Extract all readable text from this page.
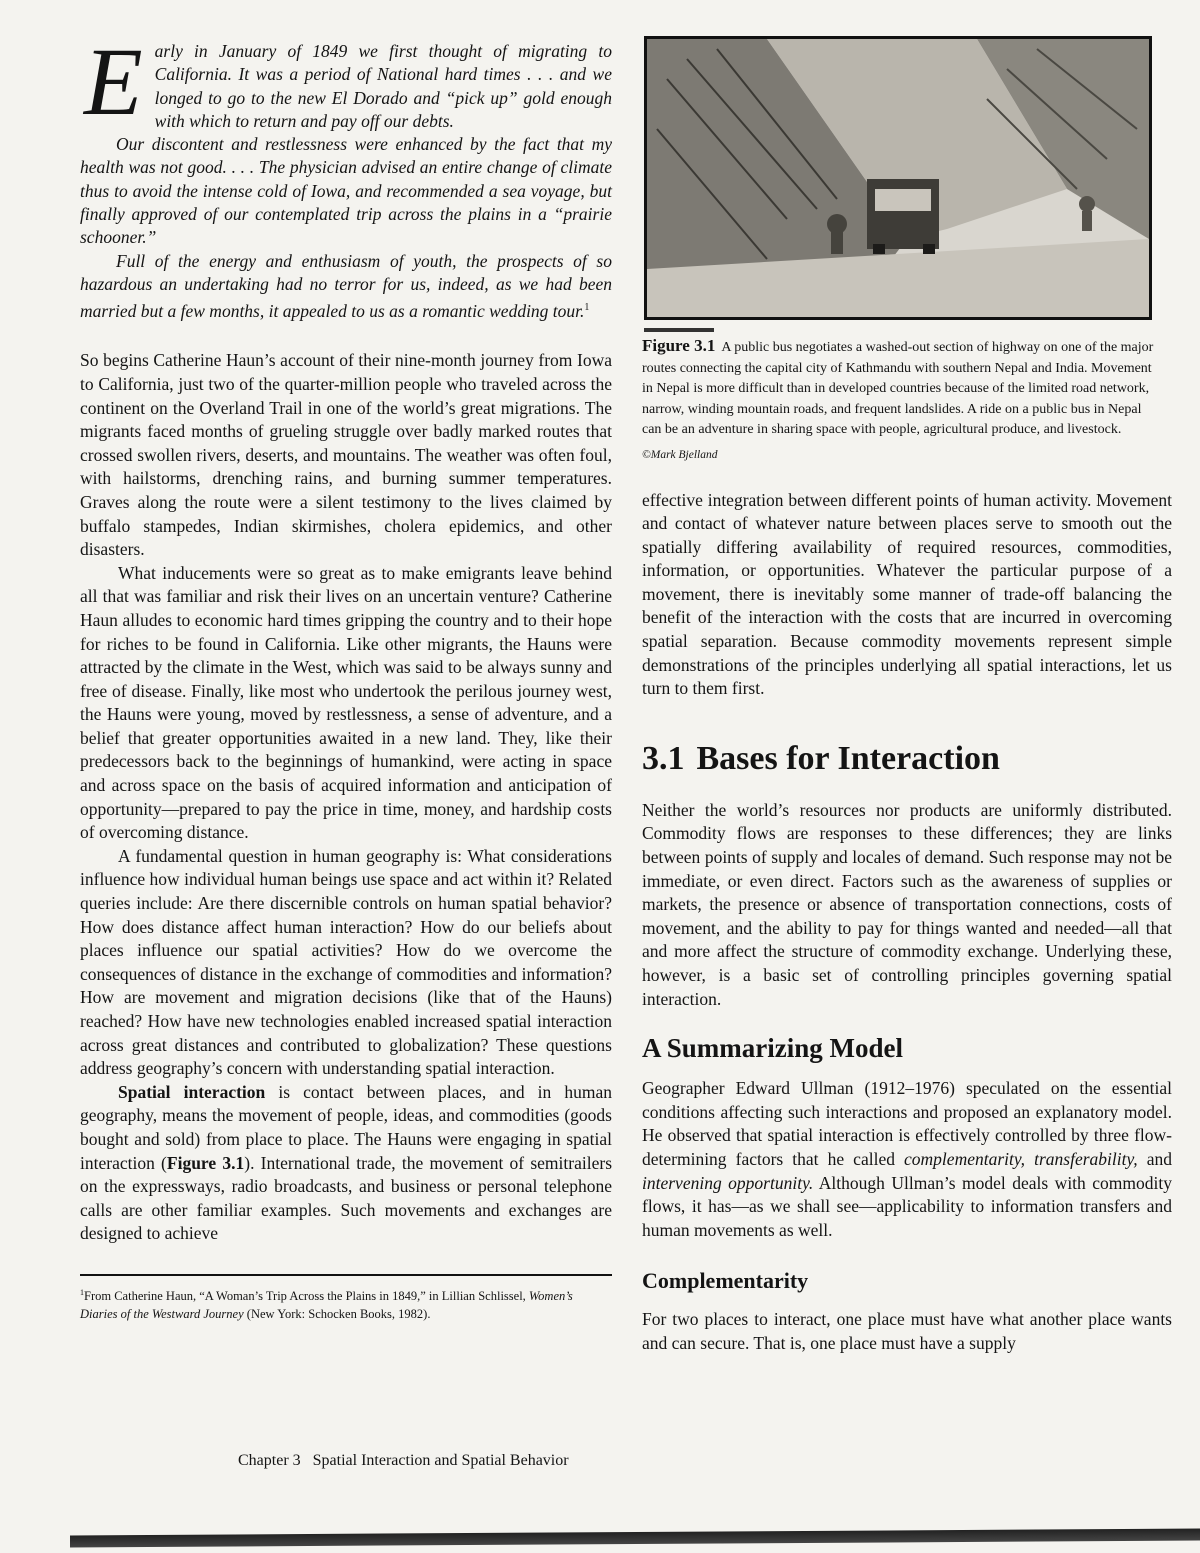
Early in January of 1849 we first thought of migrating to California. It was a period of National hard times . . . and we longed to go to the new El Dorado and “pick up” gold enough with which to return and pay off our debts.

Our discontent and restlessness were enhanced by the fact that my health was not good. . . . The physician advised an entire change of climate thus to avoid the intense cold of Iowa, and recommended a sea voyage, but finally approved of our contemplated trip across the plains in a “prairie schooner.”

Full of the energy and enthusiasm of youth, the prospects of so hazardous an undertaking had no terror for us, indeed, as we had been married but a few months, it appealed to us as a romantic wedding tour.$^1$

So begins Catherine Haun’s account of their nine-month journey from Iowa to California, just two of the quarter-million people who traveled across the continent on the Overland Trail in one of the world’s great migrations. The migrants faced months of grueling struggle over badly marked routes that crossed swollen rivers, deserts, and mountains. The weather was often foul, with hailstorms, drenching rains, and burning summer temperatures. Graves along the route were a silent testimony to the lives claimed by buffalo stampedes, Indian skirmishes, cholera epidemics, and other disasters.

What inducements were so great as to make emigrants leave behind all that was familiar and risk their lives on an uncertain venture? Catherine Haun alludes to economic hard times gripping the country and to their hope for riches to be found in California. Like other migrants, the Hauns were attracted by the climate in the West, which was said to be always sunny and free of disease. Finally, like most who undertook the perilous journey west, the Hauns were young, moved by restlessness, a sense of adventure, and a belief that greater opportunities awaited in a new land. They, like their predecessors back to the beginnings of humankind, were acting in space and across space on the basis of acquired information and anticipation of opportunity—prepared to pay the price in time, money, and hardship costs of overcoming distance.

A fundamental question in human geography is: What considerations influence how individual human beings use space and act within it? Related queries include: Are there discernible controls on human spatial behavior? How does distance affect human interaction? How do our beliefs about places influence our spatial activities? How do we overcome the consequences of distance in the exchange of commodities and information? How are movement and migration decisions (like that of the Hauns) reached? How have new technologies enabled increased spatial interaction across great distances and contributed to globalization? These questions address geography’s concern with understanding spatial interaction.

Spatial interaction is contact between places, and in human geography, means the movement of people, ideas, and commodities (goods bought and sold) from place to place. The Hauns were engaging in spatial interaction (Figure 3.1). International trade, the movement of semitrailers on the expressways, radio broadcasts, and business or personal telephone calls are other familiar examples. Such movements and exchanges are designed to achieve

$^1$From Catherine Haun, “A Woman’s Trip Across the Plains in 1849,” in Lillian Schlissel, Women’s Diaries of the Westward Journey (New York: Schocken Books, 1982).
Chapter 3 Spatial Interaction and Spatial Behavior
Figure 3.1 A public bus negotiates a washed-out section of highway on one of the major routes connecting the capital city of Kathmandu with southern Nepal and India. Movement in Nepal is more difficult than in developed countries because of the limited road network, narrow, winding mountain roads, and frequent landslides. A ride on a public bus in Nepal can be an adventure in sharing space with people, agricultural produce, and livestock.
©Mark Bjelland

effective integration between different points of human activity. Movement and contact of whatever nature between places serve to smooth out the spatially differing availability of required resources, commodities, information, or opportunities. Whatever the particular purpose of a movement, there is inevitably some manner of trade-off balancing the benefit of the interaction with the costs that are incurred in overcoming spatial separation. Because commodity movements represent simple demonstrations of the principles underlying all spatial interactions, let us turn to them first.

3.1 Bases for Interaction

Neither the world’s resources nor products are uniformly distributed. Commodity flows are responses to these differences; they are links between points of supply and locales of demand. Such response may not be immediate, or even direct. Factors such as the awareness of supplies or markets, the presence or absence of transportation connections, costs of movement, and the ability to pay for things wanted and needed—all that and more affect the structure of commodity exchange. Underlying these, however, is a basic set of controlling principles governing spatial interaction.

A Summarizing Model

Geographer Edward Ullman (1912–1976) speculated on the essential conditions affecting such interactions and proposed an explanatory model. He observed that spatial interaction is effectively controlled by three flow-determining factors that he called complementarity, transferability, and intervening opportunity. Although Ullman’s model deals with commodity flows, it has—as we shall see—applicability to information transfers and human movements as well.

Complementarity

For two places to interact, one place must have what another place wants and can secure. That is, one place must have a supply
